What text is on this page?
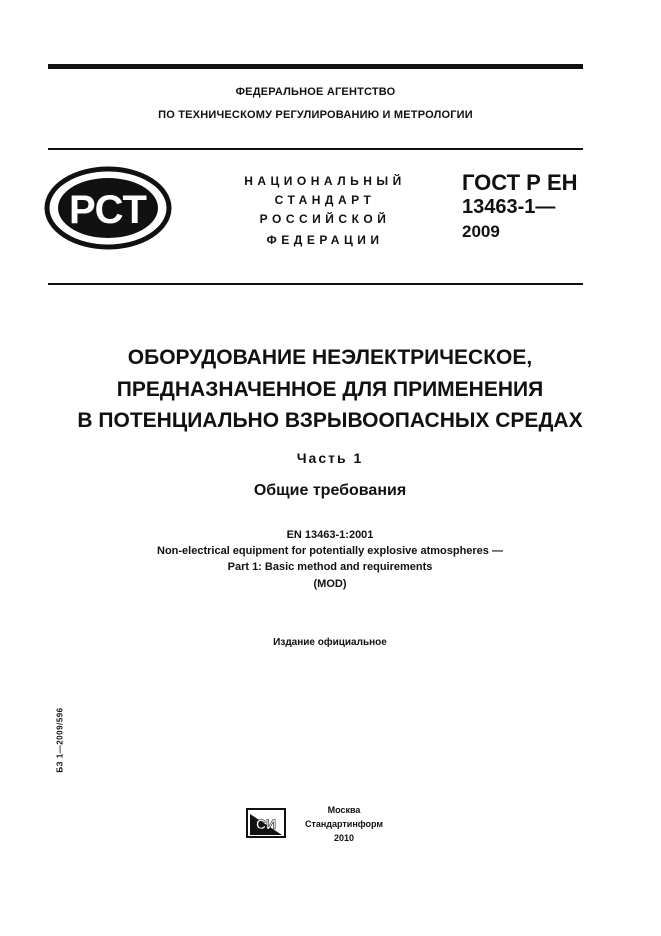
ФЕДЕРАЛЬНОЕ АГЕНТСТВО
ПО ТЕХНИЧЕСКОМУ РЕГУЛИРОВАНИЮ И МЕТРОЛОГИИ
РСТ
НАЦИОНАЛЬНЫЙ
СТАНДАРТ
РОССИЙСКОЙ
ФЕДЕРАЦИИ
ГОСТ Р ЕН
13463-1—
2009
ОБОРУДОВАНИЕ НЕЭЛЕКТРИЧЕСКОЕ,
ПРЕДНАЗНАЧЕННОЕ ДЛЯ ПРИМЕНЕНИЯ
В ПОТЕНЦИАЛЬНО ВЗРЫВООПАСНЫХ СРЕДАХ
Часть 1
Общие требования
EN 13463-1:2001
Non-electrical equipment for potentially explosive atmospheres —
Part 1: Basic method and requirements
(MOD)
Издание официальное
БЗ 1—2009/596
СИ
Москва
Стандартинформ
2010
